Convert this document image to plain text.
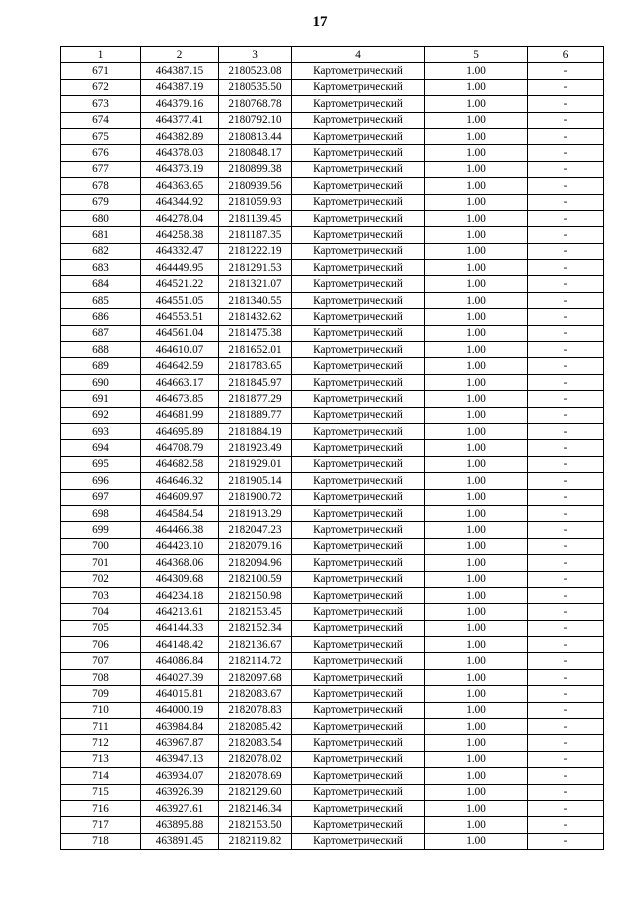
17
1	2	3	4	5	6
671	464387.15	2180523.08	Картометрический	1.00	-
672	464387.19	2180535.50	Картометрический	1.00	-
673	464379.16	2180768.78	Картометрический	1.00	-
674	464377.41	2180792.10	Картометрический	1.00	-
675	464382.89	2180813.44	Картометрический	1.00	-
676	464378.03	2180848.17	Картометрический	1.00	-
677	464373.19	2180899.38	Картометрический	1.00	-
678	464363.65	2180939.56	Картометрический	1.00	-
679	464344.92	2181059.93	Картометрический	1.00	-
680	464278.04	2181139.45	Картометрический	1.00	-
681	464258.38	2181187.35	Картометрический	1.00	-
682	464332.47	2181222.19	Картометрический	1.00	-
683	464449.95	2181291.53	Картометрический	1.00	-
684	464521.22	2181321.07	Картометрический	1.00	-
685	464551.05	2181340.55	Картометрический	1.00	-
686	464553.51	2181432.62	Картометрический	1.00	-
687	464561.04	2181475.38	Картометрический	1.00	-
688	464610.07	2181652.01	Картометрический	1.00	-
689	464642.59	2181783.65	Картометрический	1.00	-
690	464663.17	2181845.97	Картометрический	1.00	-
691	464673.85	2181877.29	Картометрический	1.00	-
692	464681.99	2181889.77	Картометрический	1.00	-
693	464695.89	2181884.19	Картометрический	1.00	-
694	464708.79	2181923.49	Картометрический	1.00	-
695	464682.58	2181929.01	Картометрический	1.00	-
696	464646.32	2181905.14	Картометрический	1.00	-
697	464609.97	2181900.72	Картометрический	1.00	-
698	464584.54	2181913.29	Картометрический	1.00	-
699	464466.38	2182047.23	Картометрический	1.00	-
700	464423.10	2182079.16	Картометрический	1.00	-
701	464368.06	2182094.96	Картометрический	1.00	-
702	464309.68	2182100.59	Картометрический	1.00	-
703	464234.18	2182150.98	Картометрический	1.00	-
704	464213.61	2182153.45	Картометрический	1.00	-
705	464144.33	2182152.34	Картометрический	1.00	-
706	464148.42	2182136.67	Картометрический	1.00	-
707	464086.84	2182114.72	Картометрический	1.00	-
708	464027.39	2182097.68	Картометрический	1.00	-
709	464015.81	2182083.67	Картометрический	1.00	-
710	464000.19	2182078.83	Картометрический	1.00	-
711	463984.84	2182085.42	Картометрический	1.00	-
712	463967.87	2182083.54	Картометрический	1.00	-
713	463947.13	2182078.02	Картометрический	1.00	-
714	463934.07	2182078.69	Картометрический	1.00	-
715	463926.39	2182129.60	Картометрический	1.00	-
716	463927.61	2182146.34	Картометрический	1.00	-
717	463895.88	2182153.50	Картометрический	1.00	-
718	463891.45	2182119.82	Картометрический	1.00	-
